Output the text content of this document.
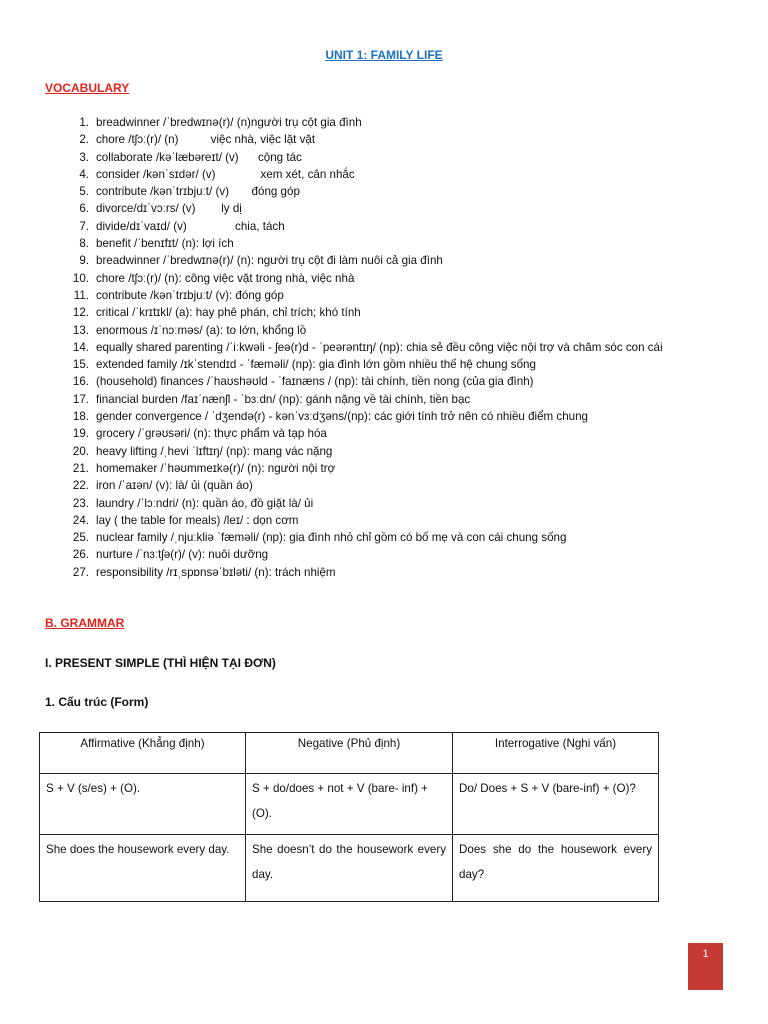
UNIT 1: FAMILY LIFE
VOCABULARY
1. breadwinner /ˈbredwɪnə(r)/ (n)người trụ cột gia đình
2. chore /tʃɔː(r)/ (n)          việc nhà, việc lặt vặt
3. collaborate /kəˈlæbəreɪt/ (v)      cộng tác
4. consider /kənˈsɪdər/ (v)              xem xét, cân nhắc
5. contribute /kənˈtrɪbjuːt/ (v)       đóng góp
6. divorce/dɪˈvɔːrs/ (v)        ly dị
7. divide/dɪˈvaɪd/ (v)               chia, tách
8. benefit /ˈbenɪfɪt/ (n): lợi ích
9. breadwinner /ˈbredwɪnə(r)/ (n): người trụ cột đi làm nuôi cả gia đình
10. chore /tʃɔː(r)/ (n): công việc vặt trong nhà, việc nhà
11. contribute /kənˈtrɪbjuːt/ (v): đóng góp
12. critical /ˈkrɪtɪkl/ (a): hay phê phán, chỉ trích; khó tính
13. enormous /ɪˈnɔːməs/ (a): to lớn, khổng lồ
14. equally shared parenting /ˈiːkwəli - ʃeə(r)d - ˈpeərəntɪŋ/ (np): chia sẻ đều công việc nội trợ và chăm sóc con cái
15. extended family /ɪkˈstendɪd - ˈfæməli/ (np): gia đình lớn gồm nhiều thế hệ chung sống
16. (household) finances /ˈhaʊshəʊld - ˈfaɪnæns / (np): tài chính, tiền nong (của gia đình)
17. financial burden /faɪˈnænʃl - ˈbɜːdn/ (np): gánh nặng về tài chính, tiền bạc
18. gender convergence / ˈdʒendə(r) - kənˈvɜːdʒəns/(np): các giới tính trở nên có nhiều điểm chung
19. grocery /ˈɡrəʊsəri/ (n): thực phẩm và tạp hóa
20. heavy lifting /ˌhevi ˈlɪftɪŋ/ (np): mang vác nặng
21. homemaker /ˈhəʊmmeɪkə(r)/ (n): người nội trợ
22. iron /ˈaɪən/ (v): là/ ủi (quần áo)
23. laundry /ˈlɔːndri/ (n): quần áo, đồ giặt là/ ủi
24. lay ( the table for meals) /leɪ/ : dọn cơm
25. nuclear family /ˌnjuːkliə ˈfæməli/ (np): gia đình nhỏ chỉ gồm có bố mẹ và con cái chung sống
26. nurture /ˈnɜːtʃə(r)/ (v): nuôi dưỡng
27. responsibility /rɪˌspɒnsəˈbɪləti/ (n): trách nhiệm
B. GRAMMAR
I. PRESENT SIMPLE (THÌ HIỆN TẠI ĐƠN)
1. Cấu trúc (Form)
Affirmative (Khẳng định)	Negative (Phủ định)	Interrogative (Nghi vấn)
S + V (s/es) + (O).	S + do/does + not + V (bare- inf) + (O).	Do/ Does + S + V (bare-inf) + (O)?
She does the housework every day.	She doesn’t do the housework every day.	Does she do the housework every day?
1
